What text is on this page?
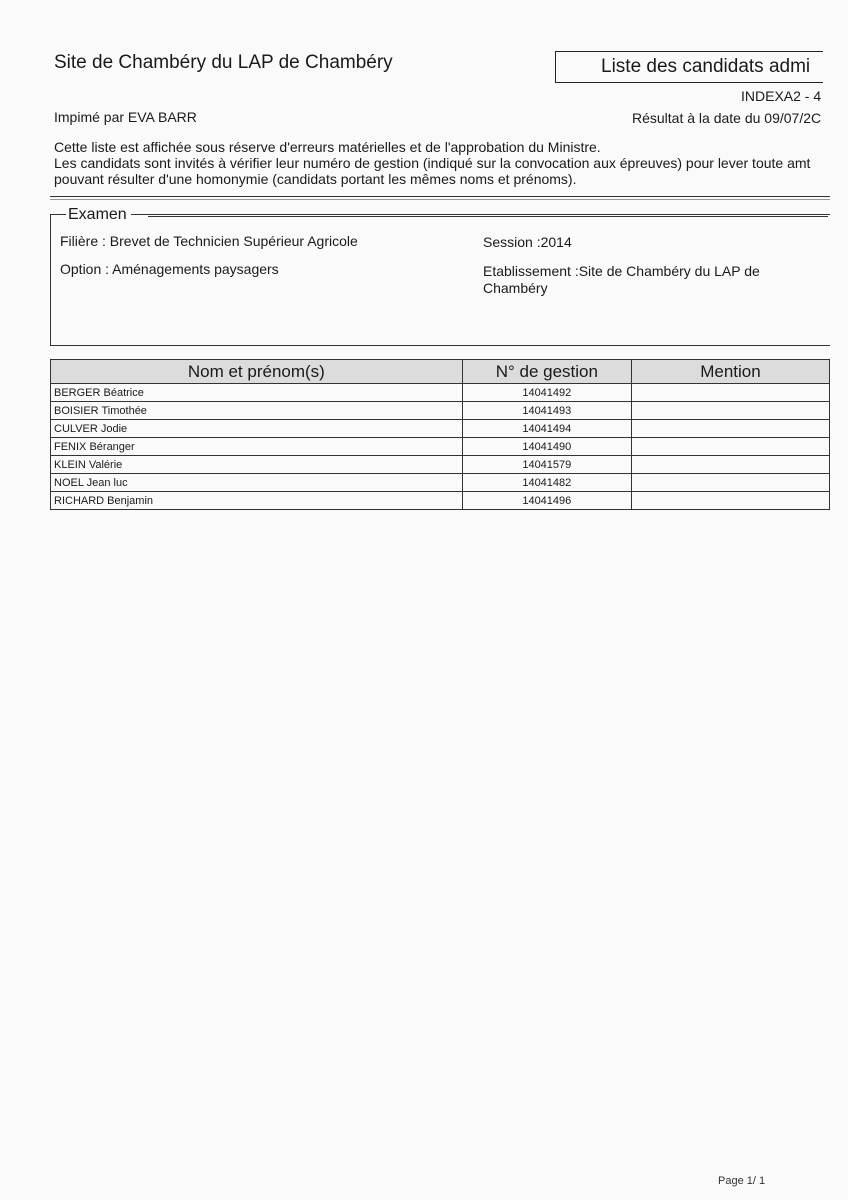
Site de Chambéry du LAP de Chambéry	Liste des candidats admi
INDEXA2 - 4
Impimé par EVA BARR	Résultat à la date du 09/07/2C
Cette liste est affichée sous réserve d'erreurs matérielles et de l'approbation du Ministre.
Les candidats sont invités à vérifier leur numéro de gestion (indiqué sur la convocation aux épreuves) pour lever toute amt
pouvant résulter d'une homonymie (candidats portant les mêmes noms et prénoms).
Examen
Filière : Brevet de Technicien Supérieur Agricole
Option : Aménagements paysagers
Session :2014
Etablissement :Site de Chambéry du LAP de
Chambéry
Nom et prénom(s)	N° de gestion	Mention
BERGER Béatrice	14041492	
BOISIER Timothée	14041493	
CULVER Jodie	14041494	
FENIX Béranger	14041490	
KLEIN Valérie	14041579	
NOEL Jean luc	14041482	
RICHARD Benjamin	14041496	
Page 1/ 1
